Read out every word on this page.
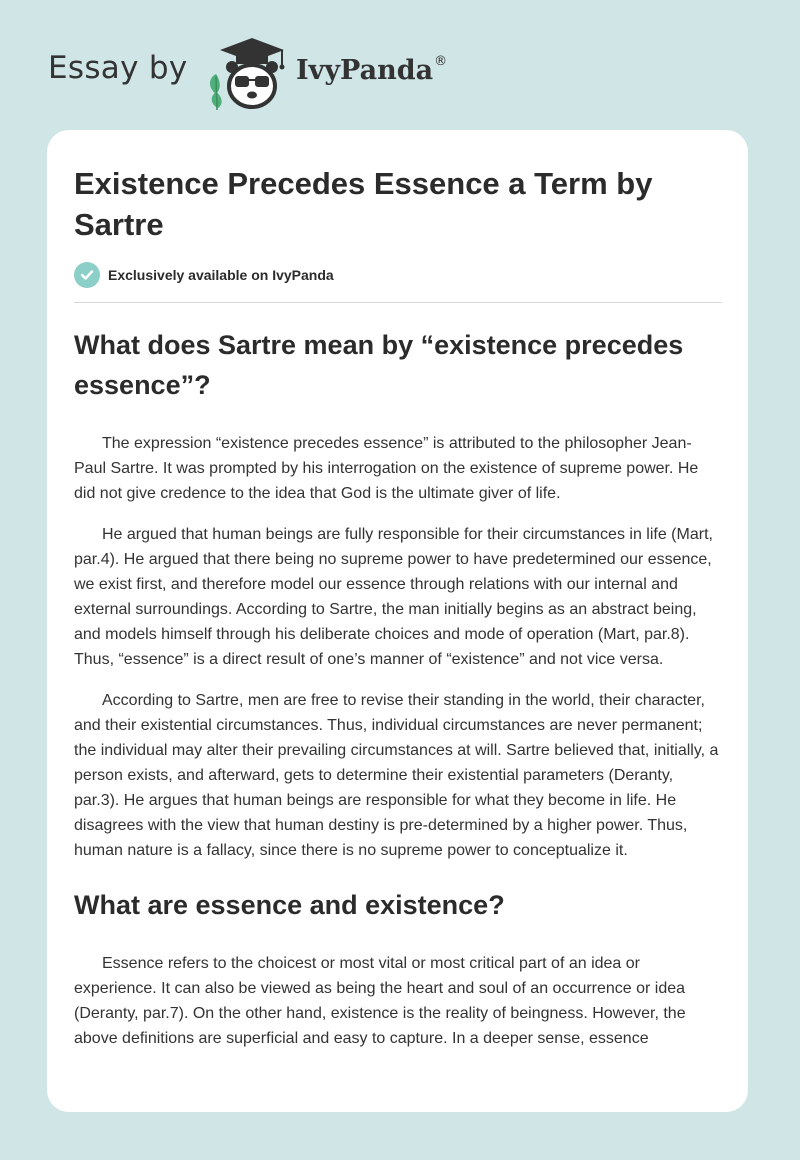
Essay by	IvyPanda®
Existence Precedes Essence a Term by Sartre
Exclusively available on IvyPanda
What does Sartre mean by “existence precedes essence”?

The expression “existence precedes essence” is attributed to the philosopher Jean-Paul Sartre. It was prompted by his interrogation on the existence of supreme power. He did not give credence to the idea that God is the ultimate giver of life.

He argued that human beings are fully responsible for their circumstances in life (Mart, par.4). He argued that there being no supreme power to have predetermined our essence, we exist first, and therefore model our essence through relations with our internal and external surroundings. According to Sartre, the man initially begins as an abstract being, and models himself through his deliberate choices and mode of operation (Mart, par.8). Thus, “essence” is a direct result of one’s manner of “existence” and not vice versa.

According to Sartre, men are free to revise their standing in the world, their character, and their existential circumstances. Thus, individual circumstances are never permanent; the individual may alter their prevailing circumstances at will. Sartre believed that, initially, a person exists, and afterward, gets to determine their existential parameters (Deranty, par.3). He argues that human beings are responsible for what they become in life. He disagrees with the view that human destiny is pre-determined by a higher power. Thus, human nature is a fallacy, since there is no supreme power to conceptualize it.

What are essence and existence?

Essence refers to the choicest or most vital or most critical part of an idea or experience. It can also be viewed as being the heart and soul of an occurrence or idea (Deranty, par.7). On the other hand, existence is the reality of beingness. However, the above definitions are superficial and easy to capture. In a deeper sense, essence
